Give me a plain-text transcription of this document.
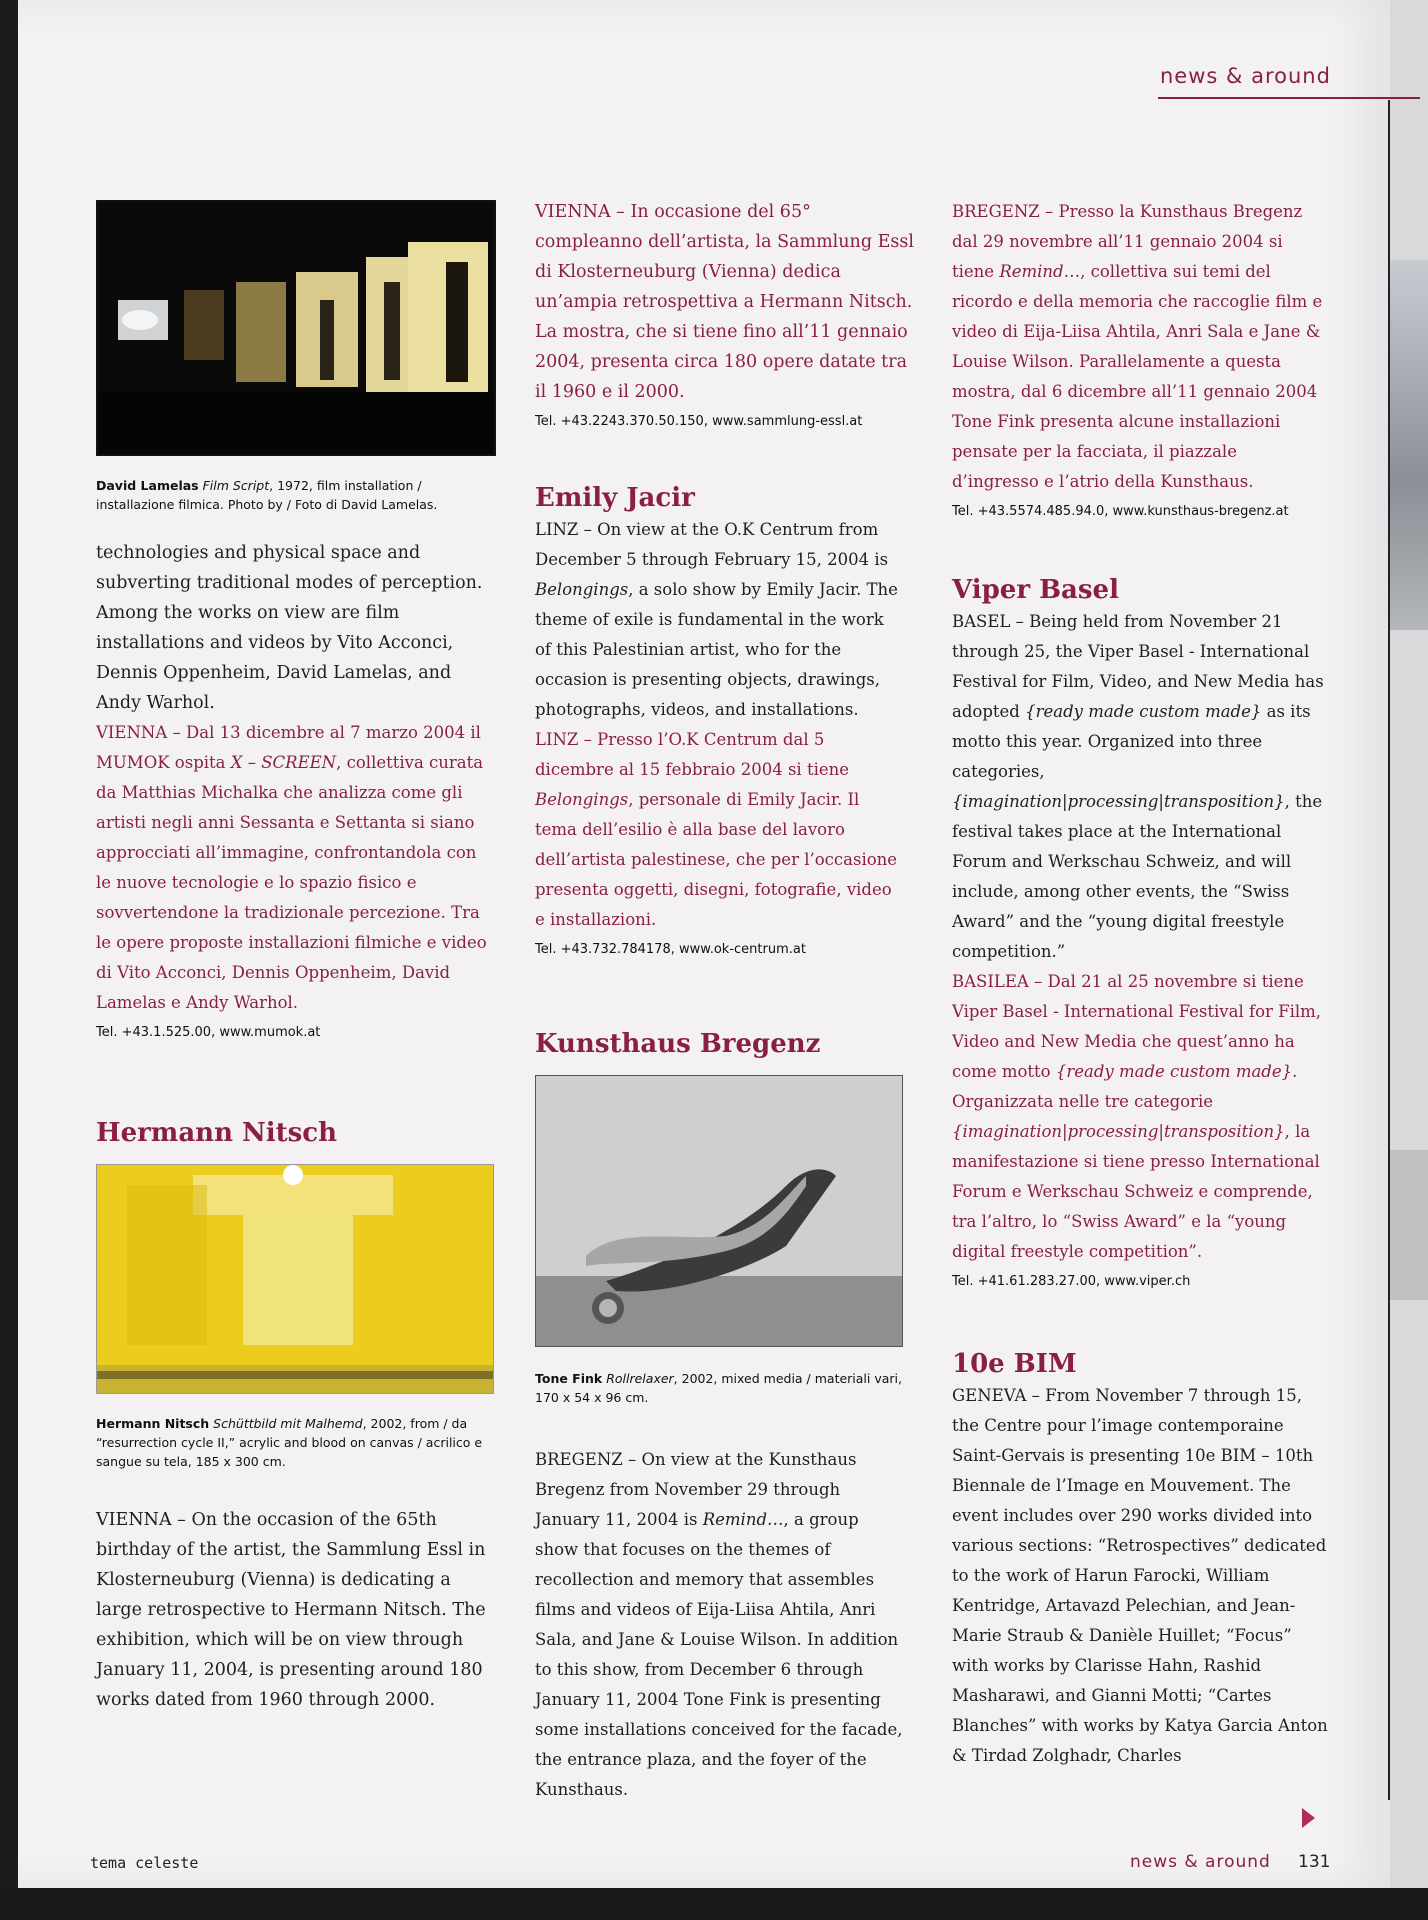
news & around
David Lamelas Film Script, 1972, film installation / installazione filmica. Photo by / Foto di David Lamelas.
technologies and physical space and subverting traditional modes of perception. Among the works on view are film installations and videos by Vito Acconci, Dennis Oppenheim, David Lamelas, and Andy Warhol.
VIENNA – Dal 13 dicembre al 7 marzo 2004 il MUMOK ospita X – SCREEN, collettiva curata da Matthias Michalka che analizza come gli artisti negli anni Sessanta e Settanta si siano approcciati all’immagine, confrontandola con le nuove tecnologie e lo spazio fisico e sovvertendone la tradizionale percezione. Tra le opere proposte installazioni filmiche e video di Vito Acconci, Dennis Oppenheim, David Lamelas e Andy Warhol.
Tel. +43.1.525.00, www.mumok.at
Hermann Nitsch
Hermann Nitsch Schüttbild mit Malhemd, 2002, from / da “resurrection cycle II,” acrylic and blood on canvas / acrilico e sangue su tela, 185 x 300 cm.
VIENNA – On the occasion of the 65th birthday of the artist, the Sammlung Essl in Klosterneuburg (Vienna) is dedicating a large retrospective to Hermann Nitsch. The exhibition, which will be on view through January 11, 2004, is presenting around 180 works dated from 1960 through 2000.
VIENNA – In occasione del 65° compleanno dell’artista, la Sammlung Essl di Klosterneuburg (Vienna) dedica un’ampia retrospettiva a Hermann Nitsch. La mostra, che si tiene fino all’11 gennaio 2004, presenta circa 180 opere datate tra il 1960 e il 2000.
Tel. +43.2243.370.50.150, www.sammlung-essl.at
Emily Jacir
LINZ – On view at the O.K Centrum from December 5 through February 15, 2004 is Belongings, a solo show by Emily Jacir. The theme of exile is fundamental in the work of this Palestinian artist, who for the occasion is presenting objects, drawings, photographs, videos, and installations.
LINZ – Presso l’O.K Centrum dal 5 dicembre al 15 febbraio 2004 si tiene Belongings, personale di Emily Jacir. Il tema dell’esilio è alla base del lavoro dell’artista palestinese, che per l’occasione presenta oggetti, disegni, fotografie, video e installazioni.
Tel. +43.732.784178, www.ok-centrum.at
Kunsthaus Bregenz
Tone Fink Rollrelaxer, 2002, mixed media / materiali vari, 170 x 54 x 96 cm.
BREGENZ – On view at the Kunsthaus Bregenz from November 29 through January 11, 2004 is Remind…, a group show that focuses on the themes of recollection and memory that assembles films and videos of Eija-Liisa Ahtila, Anri Sala, and Jane & Louise Wilson. In addition to this show, from December 6 through January 11, 2004 Tone Fink is presenting some installations conceived for the facade, the entrance plaza, and the foyer of the Kunsthaus.
BREGENZ – Presso la Kunsthaus Bregenz dal 29 novembre all’11 gennaio 2004 si tiene Remind…, collettiva sui temi del ricordo e della memoria che raccoglie film e video di Eija-Liisa Ahtila, Anri Sala e Jane & Louise Wilson. Parallelamente a questa mostra, dal 6 dicembre all’11 gennaio 2004 Tone Fink presenta alcune installazioni pensate per la facciata, il piazzale d’ingresso e l’atrio della Kunsthaus.
Tel. +43.5574.485.94.0, www.kunsthaus-bregenz.at
Viper Basel
BASEL – Being held from November 21 through 25, the Viper Basel - International Festival for Film, Video, and New Media has adopted {ready made custom made} as its motto this year. Organized into three categories, {imagination|processing|transposition}, the festival takes place at the International Forum and Werkschau Schweiz, and will include, among other events, the “Swiss Award” and the “young digital freestyle competition.”
BASILEA – Dal 21 al 25 novembre si tiene Viper Basel - International Festival for Film, Video and New Media che quest’anno ha come motto {ready made custom made}. Organizzata nelle tre categorie {imagination|processing|transposition}, la manifestazione si tiene presso International Forum e Werkschau Schweiz e comprende, tra l’altro, lo “Swiss Award” e la “young digital freestyle competition”.
Tel. +41.61.283.27.00, www.viper.ch
10e BIM
GENEVA – From November 7 through 15, the Centre pour l’image contemporaine Saint-Gervais is presenting 10e BIM – 10th Biennale de l’Image en Mouvement. The event includes over 290 works divided into various sections: “Retrospectives” dedicated to the work of Harun Farocki, William Kentridge, Artavazd Pelechian, and Jean-Marie Straub & Danièle Huillet; “Focus” with works by Clarisse Hahn, Rashid Masharawi, and Gianni Motti; “Cartes Blanches” with works by Katya Garcia Anton & Tirdad Zolghadr, Charles
tema celeste	news & around 131
